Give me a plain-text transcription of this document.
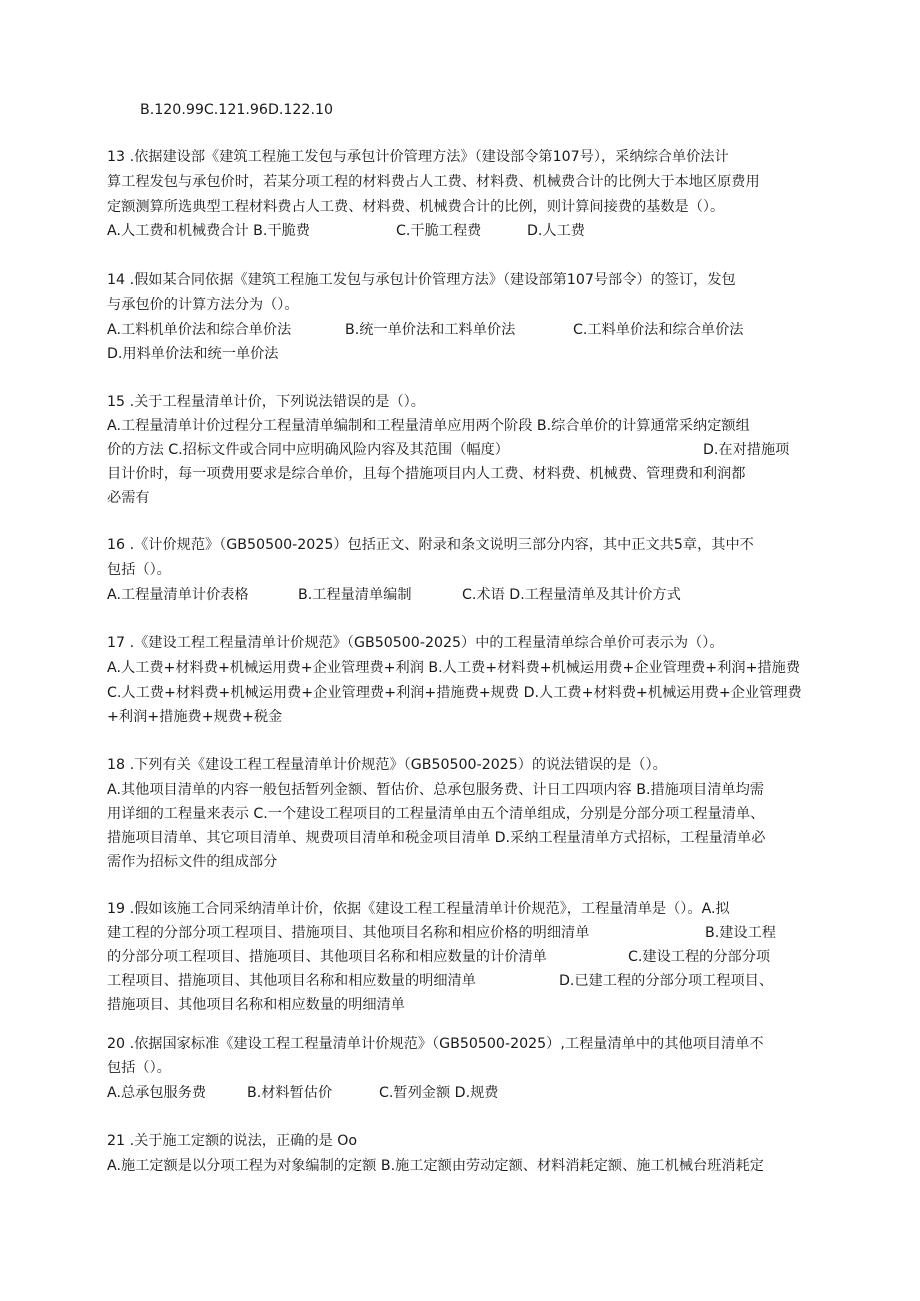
B.120.99C.121.96D.122.10
13 .依据建设部《建筑工程施工发包与承包计价管理方法》（建设部令第107号），采纳综合单价法计
算工程发包与承包价时，若某分项工程的材料费占人工费、材料费、机械费合计的比例大于本地区原费用
定额测算所选典型工程材料费占人工费、材料费、机械费合计的比例，则计算间接费的基数是（）。
A.人工费和机械费合计 B.干脆费	C.干脆工程费	D.人工费
14 .假如某合同依据《建筑工程施工发包与承包计价管理方法》（建设部第107号部令）的签订，发包
与承包价的计算方法分为（）。
A.工料机单价法和综合单价法	B.统一单价法和工料单价法	C.工料单价法和综合单价法
D.用料单价法和统一单价法
15 .关于工程量清单计价，下列说法错误的是（）。
A.工程量清单计价过程分工程量清单编制和工程量清单应用两个阶段 B.综合单价的计算通常采纳定额组
价的方法 C.招标文件或合同中应明确风险内容及其范围（幅度）	D.在对措施项
目计价时，每一项费用要求是综合单价，且每个措施项目内人工费、材料费、机械费、管理费和利润都
必需有
16 .《计价规范》（GB50500-2025）包括正文、附录和条文说明三部分内容，其中正文共5章，其中不
包括（）。
A.工程量清单计价表格	B.工程量清单编制	C.术语 D.工程量清单及其计价方式
17 .《建设工程工程量清单计价规范》（GB50500-2025）中的工程量清单综合单价可表示为（）。
A.人工费+材料费+机械运用费+企业管理费+利润 B.人工费+材料费+机械运用费+企业管理费+利润+措施费
C.人工费+材料费+机械运用费+企业管理费+利润+措施费+规费 D.人工费+材料费+机械运用费+企业管理费
+利润+措施费+规费+税金
18 .下列有关《建设工程工程量清单计价规范》（GB50500-2025）的说法错误的是（）。
A.其他项目清单的内容一般包括暂列金额、暂估价、总承包服务费、计日工四项内容 B.措施项目清单均需
用详细的工程量来表示 C.一个建设工程项目的工程量清单由五个清单组成，分别是分部分项工程量清单、
措施项目清单、其它项目清单、规费项目清单和税金项目清单 D.采纳工程量清单方式招标，工程量清单必
需作为招标文件的组成部分
19 .假如该施工合同采纳清单计价，依据《建设工程工程量清单计价规范》，工程量清单是（）。A.拟
建工程的分部分项工程项目、措施项目、其他项目名称和相应价格的明细清单	B.建设工程
的分部分项工程项目、措施项目、其他项目名称和相应数量的计价清单	C.建设工程的分部分项
工程项目、措施项目、其他项目名称和相应数量的明细清单	D.已建工程的分部分项工程项目、
措施项目、其他项目名称和相应数量的明细清单
20 .依据国家标准《建设工程工程量清单计价规范》（GB50500-2025）,工程量清单中的其他项目清单不
包括（）。
A.总承包服务费	B.材料暂估价	C.暂列金额 D.规费
21 .关于施工定额的说法，正确的是 Oo
A.施工定额是以分项工程为对象编制的定额 B.施工定额由劳动定额、材料消耗定额、施工机械台班消耗定
